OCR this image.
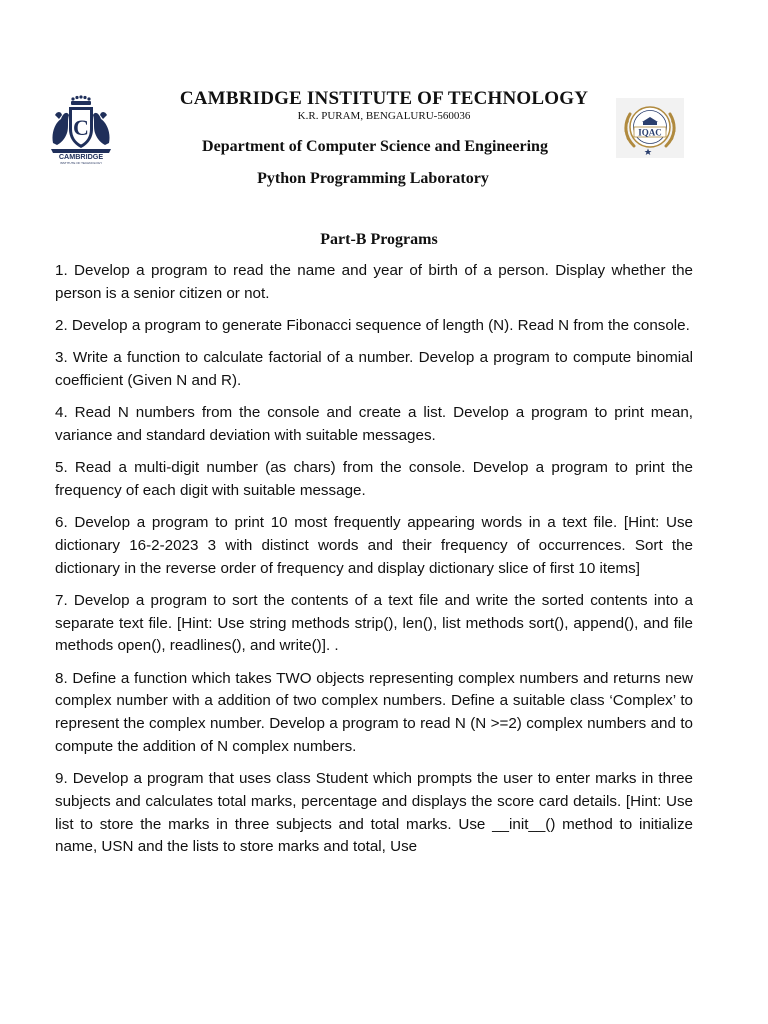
C
CAMBRIDGE
INSTITUTE OF TECHNOLOGY
IQAC
CAMBRIDGE INSTITUTE OF TECHNOLOGY
K.R. PURAM, BENGALURU-560036
Department of Computer Science and Engineering
Python Programming Laboratory
Part-B Programs

1. Develop a program to read the name and year of birth of a person. Display whether the person is a senior citizen or not.

2. Develop a program to generate Fibonacci sequence of length (N). Read N from the console.

3. Write a function to calculate factorial of a number. Develop a program to compute binomial coefficient (Given N and R).

4. Read N numbers from the console and create a list. Develop a program to print mean, variance and standard deviation with suitable messages.

5. Read a multi-digit number (as chars) from the console. Develop a program to print the frequency of each digit with suitable message.

6. Develop a program to print 10 most frequently appearing words in a text file. [Hint: Use dictionary 16-2-2023 3 with distinct words and their frequency of occurrences. Sort the dictionary in the reverse order of frequency and display dictionary slice of first 10 items]

7. Develop a program to sort the contents of a text file and write the sorted contents into a separate text file. [Hint: Use string methods strip(), len(), list methods sort(), append(), and file methods open(), readlines(), and write()]. .

8. Define a function which takes TWO objects representing complex numbers and returns new complex number with a addition of two complex numbers. Define a suitable class ‘Complex’ to represent the complex number. Develop a program to read N (N >=2) complex numbers and to compute the addition of N complex numbers.

9. Develop a program that uses class Student which prompts the user to enter marks in three subjects and calculates total marks, percentage and displays the score card details. [Hint: Use list to store the marks in three subjects and total marks. Use __init__() method to initialize name, USN and the lists to store marks and total, Use
